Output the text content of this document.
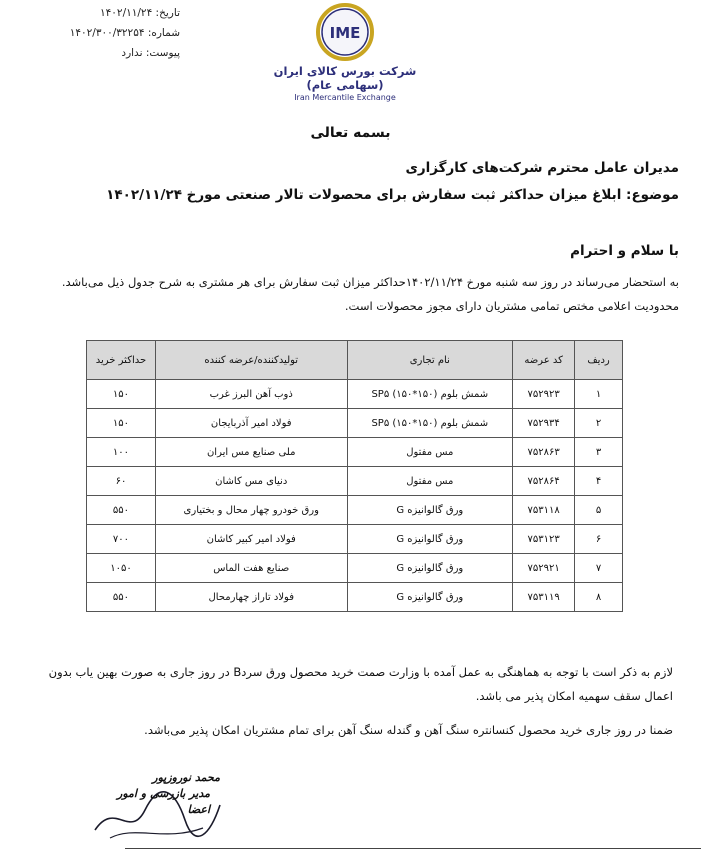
تاریخ: ۱۴۰۲/۱۱/۲۴
شماره: ۱۴۰۲/۳۰۰/۳۲۲۵۴
پیوست: ندارد
IME
شرکت بورس کالای ایران (سهامی عام)
Iran Mercantile Exchange
بسمه تعالی
مدیران عامل محترم شرکت‌های کارگزاری
موضوع: ابلاغ میزان حداکثر ثبت سفارش برای محصولات تالار صنعتی مورخ ۱۴۰۲/۱۱/۲۴
با سلام و احترام
به استحضار می‌رساند در روز سه شنبه مورخ ۱۴۰۲/۱۱/۲۴حداکثر میزان ثبت سفارش برای هر مشتری به شرح جدول ذیل می‌باشد.
محدودیت اعلامی مختص تمامی مشتریان دارای مجوز محصولات است.
ردیف	کد عرضه	نام تجاری	تولیدکننده/عرضه کننده	حداکثر خرید
۱	۷۵۲۹۲۳	شمش بلوم (۱۵۰*۱۵۰) SP۵	ذوب آهن البرز غرب	۱۵۰
۲	۷۵۲۹۳۴	شمش بلوم (۱۵۰*۱۵۰) SP۵	فولاد امیر آذربایجان	۱۵۰
۳	۷۵۲۸۶۳	مس مفتول	ملی صنایع مس ایران	۱۰۰
۴	۷۵۲۸۶۴	مس مفتول	دنیای مس کاشان	۶۰
۵	۷۵۳۱۱۸	ورق گالوانیزه G	ورق خودرو چهار محال و بختیاری	۵۵۰
۶	۷۵۳۱۲۳	ورق گالوانیزه G	فولاد امیر کبیر کاشان	۷۰۰
۷	۷۵۲۹۲۱	ورق گالوانیزه G	صنایع هفت الماس	۱۰۵۰
۸	۷۵۳۱۱۹	ورق گالوانیزه G	فولاد تاراز چهارمحال	۵۵۰
لازم به ذکر است با توجه به هماهنگی به عمل آمده با وزارت صمت خرید محصول ورق سردB در روز جاری به صورت بهین یاب بدون اعمال سقف سهمیه امکان پذیر می باشد.
ضمنا در روز جاری خرید محصول کنسانتره سنگ آهن و گندله سنگ آهن برای تمام مشتریان امکان پذیر می‌باشد.
محمد نوروزپور
مدیر بازرسی و امور اعضا
